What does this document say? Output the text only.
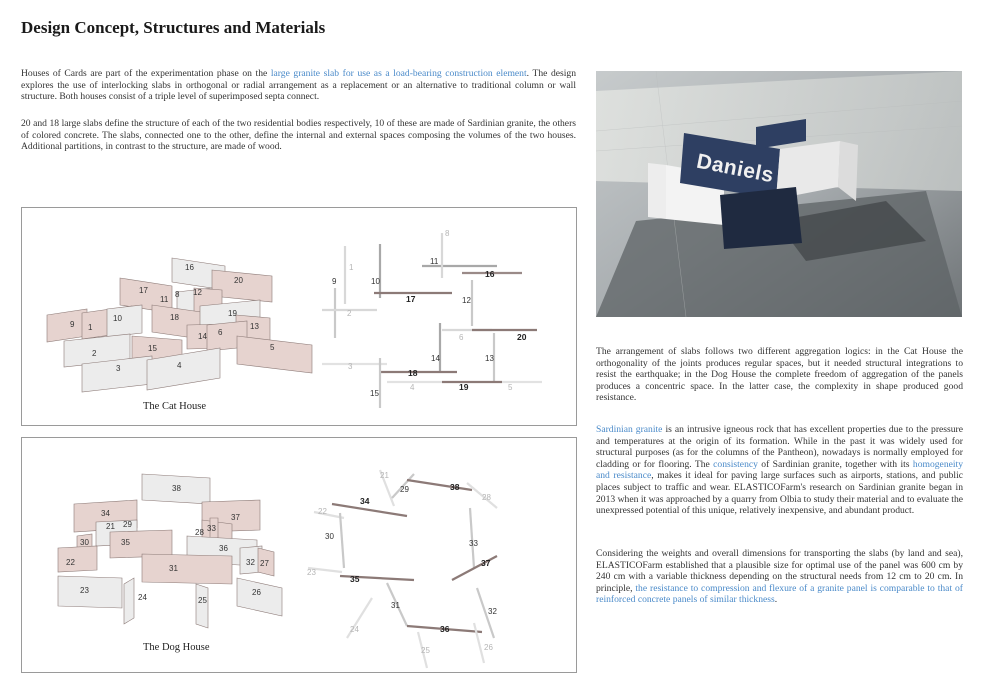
Design Concept, Structures and Materials

Houses of Cards are part of the experimentation phase on the large granite slab for use as a load-bearing construction element. The design explores the use of interlocking slabs in orthogonal or radial arrangement as a replacement or an alternative to traditional column or wall structure. Both houses consist of a triple level of superimposed septa connect.

20 and 18 large slabs define the structure of each of the two residential bodies respectively, 10 of these are made of Sardinian granite, the others of colored concrete. The slabs, connected one to the other, define the internal and external spaces composing the volumes of the two houses. Additional partitions, in contrast to the structure, are made of wood.

16
17
20
11
8 12
9 1
10	18	19
13
14 6
15
2
5
3	4
8
1
11
16
9	10
17
2
12
6	20
14	13
3
18
4	19	5
15
The Cat House
38
34	37
21 29
28 33
30	35
36
22
31
32 27
23	26
24	25
21
29	38
28
34
22
30
33
23
37
35
31
32
24	36
25	26
The Dog House
Daniels

The arrangement of slabs follows two different aggregation logics: in the Cat House the orthogonality of the joints produces regular spaces, but it needed structural integrations to resist the earthquake; in the Dog House the complete freedom of aggregation of the panels produces a concentric space. In the latter case, the complexity in shape produced good resistance.

Sardinian granite is an intrusive igneous rock that has excellent properties due to the pressure and temperatures at the origin of its formation. While in the past it was widely used for structural purposes (as for the columns of the Pantheon), nowadays is normally employed for cladding or for flooring. The consistency of Sardinian granite, together with its homogeneity and resistance, makes it ideal for paving large surfaces such as airports, stations, and public places subject to traffic and wear. ELASTICOFarm's research on Sardinian granite began in 2013 when it was approached by a quarry from Olbia to study their material and to evaluate the unexpressed potential of this unique, relatively inexpensive, and abundant product.

Considering the weights and overall dimensions for transporting the slabs (by land and sea), ELASTICOFarm established that a plausible size for optimal use of the panel was 600 cm by 240 cm with a variable thickness depending on the structural needs from 12 cm to 20 cm. In principle, the resistance to compression and flexure of a granite panel is comparable to that of reinforced concrete panels of similar thickness.
